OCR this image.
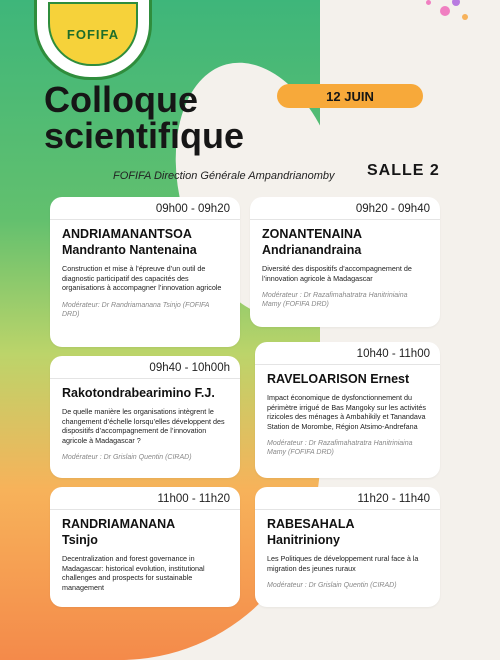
FOFIFA
Colloque
scientifique
12 JUIN
FOFIFA Direction Générale Ampandrianomby SALLE 2
09h00 - 09h20
ANDRIAMANANTSOA
Mandranto Nantenaina
Construction et mise à l’épreuve d’un outil de diagnostic participatif des capacités des organisations à accompagner l’innovation agricole
Modérateur: Dr Randriamanana Tsinjo (FOFIFA DRD)
09h20 - 09h40
ZONANTENAINA
Andrianandraina
Diversité des dispositifs d’accompagnement de l’innovation agricole à Madagascar
Modérateur : Dr Razafimahatratra Hanitriniaina Mamy (FOFIFA DRD)
09h40 - 10h00h
Rakotondrabearimino F.J.
De quelle manière les organisations intègrent le changement d’échelle lorsqu’elles développent des dispositifs d’accompagnement de l’innovation agricole à Madagascar ?
Modérateur : Dr Grislain Quentin (CIRAD)
10h40 - 11h00
RAVELOARISON Ernest
Impact économique de dysfonctionnement du périmètre irrigué de Bas Mangoky sur les activités rizicoles des ménages à Ambahikily et Tanandava Station de Morombe, Région Atsimo-Andrefana
Modérateur : Dr Razafimahatratra Hanitriniaina Mamy (FOFIFA DRD)
11h00 - 11h20
RANDRIAMANANA
Tsinjo
Decentralization and forest governance in Madagascar: historical evolution, institutional challenges and prospects for sustainable management
11h20 - 11h40
RABESAHALA
Hanitriniony
Les Politiques de développement rural face à la migration des jeunes ruraux
Modérateur : Dr Grislain Quentin (CIRAD)
